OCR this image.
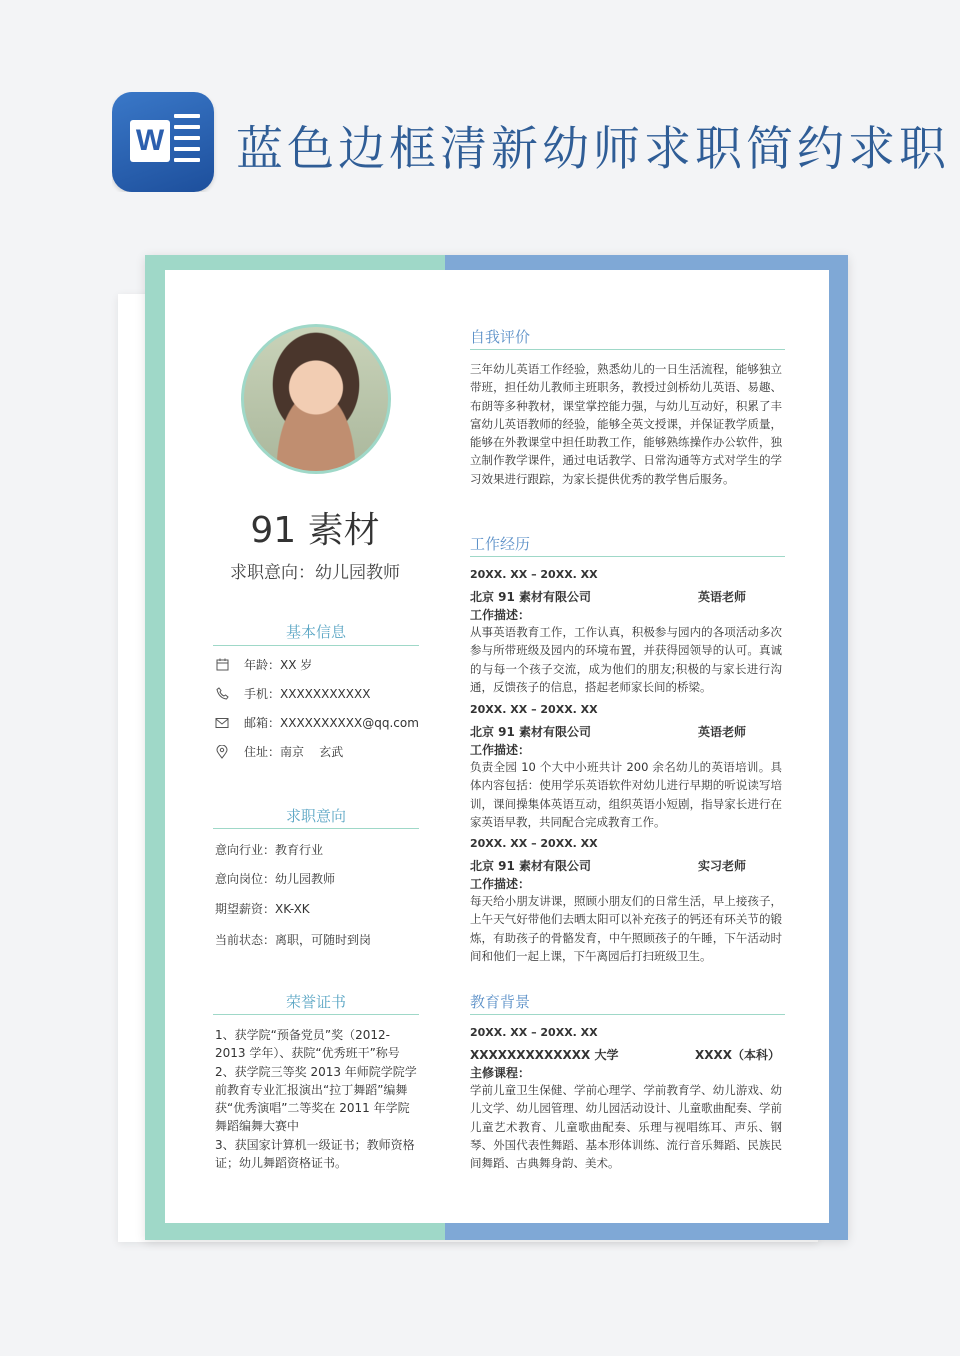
W 蓝色边框清新幼师求职简约求职
91 素材
求职意向：幼儿园教师
基本信息
年龄： XX 岁
手机： XXXXXXXXXXX
邮箱： XXXXXXXXXX@qq.com
住址： 南京    玄武
求职意向
意向行业：教育行业
意向岗位：幼儿园教师
期望薪资：XK-XK
当前状态：离职，可随时到岗
荣誉证书
1、获学院“预备党员”奖（2012-2013 学年）、获院“优秀班干”称号
2、获学院三等奖 2013 年师院学院学前教育专业汇报演出“拉丁舞蹈”编舞获“优秀演唱”二等奖在 2011 年学院舞蹈编舞大赛中
3、获国家计算机一级证书；教师资格证；幼儿舞蹈资格证书。
自我评价
三年幼儿英语工作经验，熟悉幼儿的一日生活流程，能够独立带班，担任幼儿教师主班职务，教授过剑桥幼儿英语、易趣、布朗等多种教材，课堂掌控能力强，与幼儿互动好，积累了丰富幼儿英语教师的经验，能够全英文授课，并保证教学质量，能够在外教课堂中担任助教工作，能够熟练操作办公软件，独立制作教学课件，通过电话教学、日常沟通等方式对学生的学习效果进行跟踪，为家长提供优秀的教学售后服务。
工作经历
20XX. XX – 20XX. XX
北京 91 素材有限公司	英语老师
工作描述：
从事英语教育工作，工作认真，积极参与园内的各项活动多次参与所带班级及园内的环境布置，并获得园领导的认可。真诚的与每一个孩子交流，成为他们的朋友;积极的与家长进行沟通，反馈孩子的信息，搭起老师家长间的桥梁。
20XX. XX – 20XX. XX
北京 91 素材有限公司	英语老师
工作描述：
负责全园 10 个大中小班共计 200 余名幼儿的英语培训。具体内容包括：使用学乐英语软件对幼儿进行早期的听说读写培训，课间操集体英语互动，组织英语小短剧，指导家长进行在家英语早教，共同配合完成教育工作。
20XX. XX – 20XX. XX
北京 91 素材有限公司	实习老师
工作描述：
每天给小朋友讲课，照顾小朋友们的日常生活，早上接孩子，上午天气好带他们去晒太阳可以补充孩子的钙还有环关节的锻炼，有助孩子的骨骼发育，中午照顾孩子的午睡，下午活动时间和他们一起上课，下午离园后打扫班级卫生。
教育背景
20XX. XX – 20XX. XX
XXXXXXXXXXXXX 大学	XXXX（本科）
主修课程：
学前儿童卫生保健、学前心理学、学前教育学、幼儿游戏、幼儿文学、幼儿园管理、幼儿园活动设计、儿童歌曲配奏、学前儿童艺术教育、儿童歌曲配奏、乐理与视唱练耳、声乐、钢琴、外国代表性舞蹈、基本形体训练、流行音乐舞蹈、民族民间舞蹈、古典舞身韵、美术。
